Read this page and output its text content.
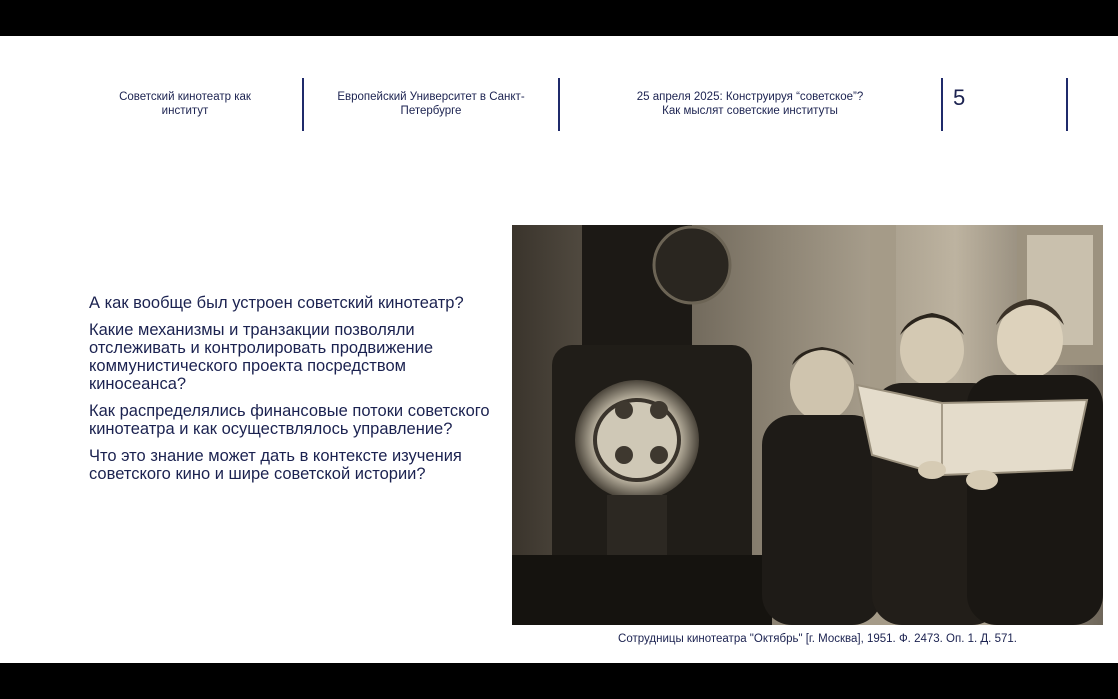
Советский кинотеатр как институт
Европейский Университет в Санкт-Петербурге
25 апреля 2025: Конструируя “советское”?
Как мыслят советские институты
5

А как вообще был устроен советский кинотеатр?

Какие механизмы и транзакции позволяли отслеживать и контролировать продвижение коммунистического проекта посредством киносеанса?

Как распределялись финансовые потоки советского кинотеатра и как осуществлялось управление?

Что это знание может дать в контексте изучения советского кино и шире советской истории?

Сотрудницы кинотеатра "Октябрь" [г. Москва], 1951. Ф. 2473. Оп. 1. Д. 571.
